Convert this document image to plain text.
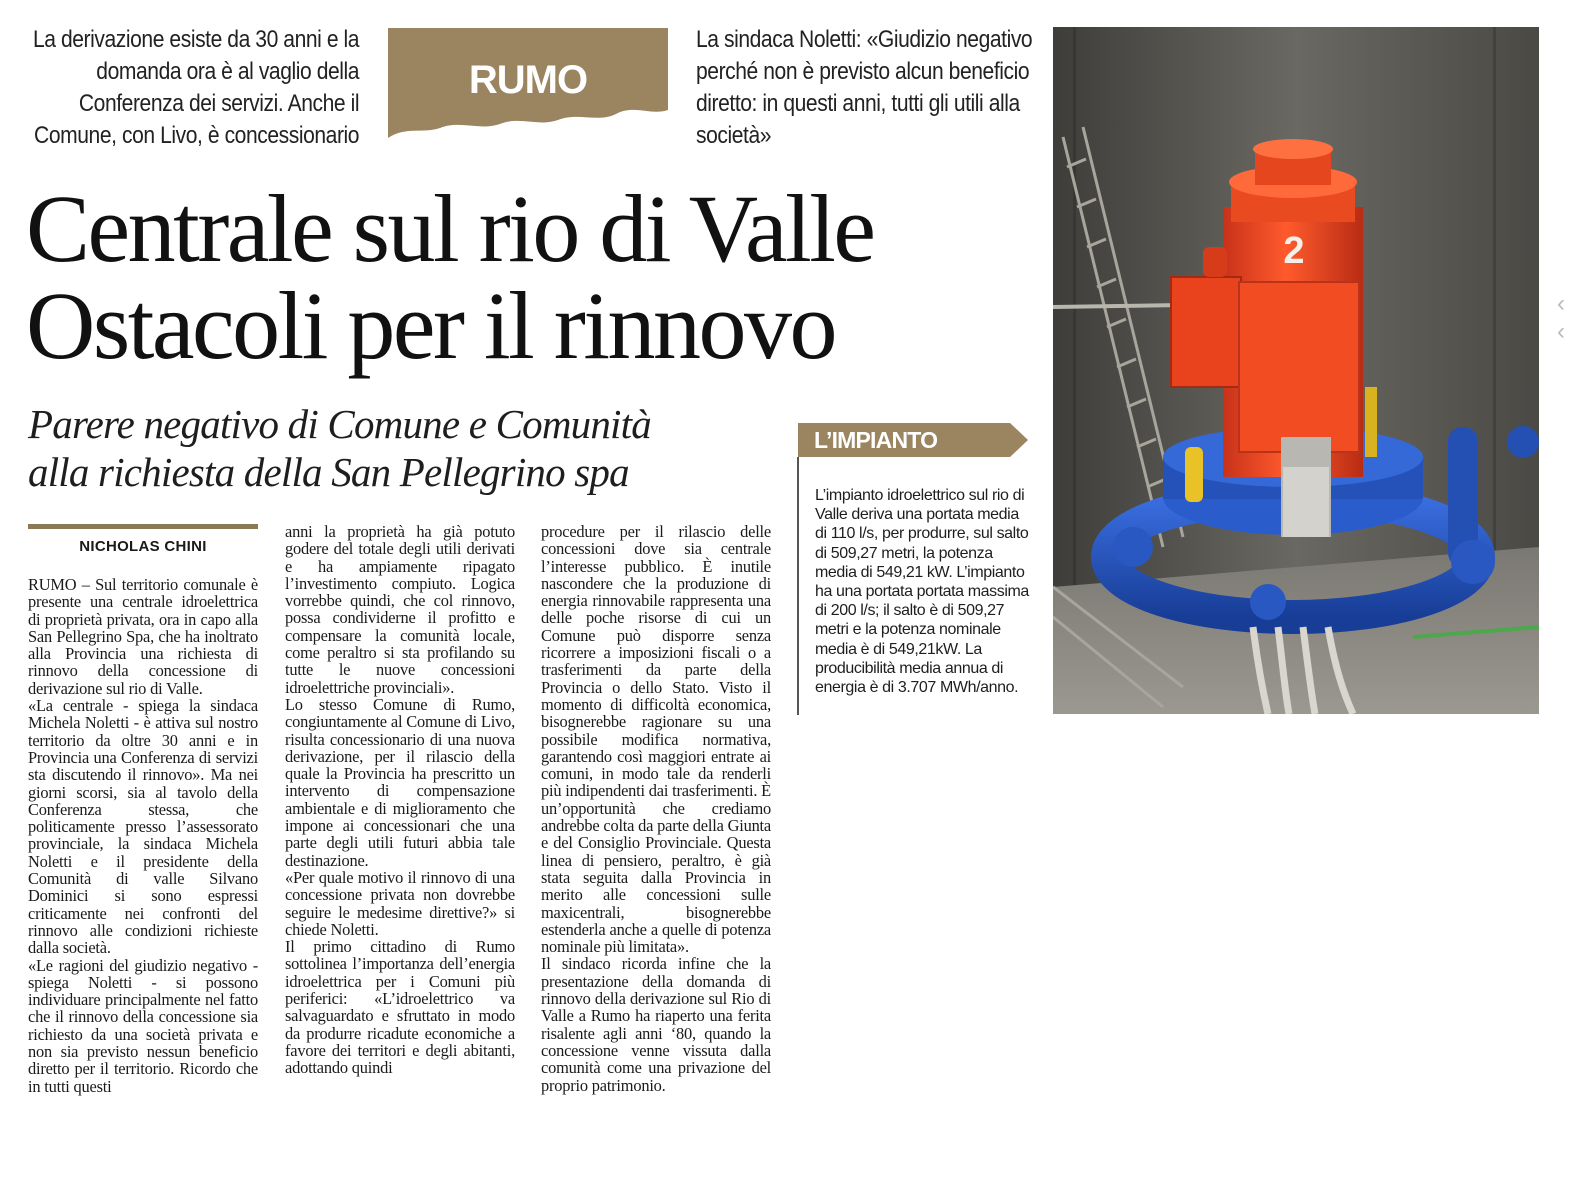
La derivazione esiste da 30 anni e la domanda ora è al vaglio della Conferenza dei servizi. Anche il Comune, con Livo, è concessionario
RUMO
La sindaca Noletti: «Giudizio negativo perché non è previsto alcun beneficio diretto: in questi anni, tutti gli utili alla società»
Centrale sul rio di Valle
Ostacoli per il rinnovo
Parere negativo di Comune e Comunità
alla richiesta della San Pellegrino spa
NICHOLAS CHINI

RUMO – Sul territorio comunale è presente una centrale idroelettrica di proprietà privata, ora in capo alla San Pellegrino Spa, che ha inoltrato alla Provincia una richiesta di rinnovo della concessione di derivazione sul rio di Valle.

«La centrale - spiega la sindaca Michela Noletti - è attiva sul nostro territorio da oltre 30 anni e in Provincia una Conferenza di servizi sta discutendo il rinnovo». Ma nei giorni scorsi, sia al tavolo della Conferenza stessa, che politicamente presso l’assessorato provinciale, la sindaca Michela Noletti e il presidente della Comunità di valle Silvano Dominici si sono espressi criticamente nei confronti del rinnovo alle condizioni richieste dalla società.

«Le ragioni del giudizio negativo - spiega Noletti - si possono individuare principalmente nel fatto che il rinnovo della concessione sia richiesto da una società privata e non sia previsto nessun beneficio diretto per il territorio. Ricordo che in tutti questi

anni la proprietà ha già potuto godere del totale degli utili derivati e ha ampiamente ripagato l’investimento compiuto. Logica vorrebbe quindi, che col rinnovo, possa condividerne il profitto e compensare la comunità locale, come peraltro si sta profilando su tutte le nuove concessioni idroelettriche provinciali».

Lo stesso Comune di Rumo, congiuntamente al Comune di Livo, risulta concessionario di una nuova derivazione, per il rilascio della quale la Provincia ha prescritto un intervento di compensazione ambientale e di miglioramento che impone ai concessionari che una parte degli utili futuri abbia tale destinazione.

«Per quale motivo il rinnovo di una concessione privata non dovrebbe seguire le medesime direttive?» si chiede Noletti.

Il primo cittadino di Rumo sottolinea l’importanza dell’energia idroelettrica per i Comuni più periferici: «L’idroelettrico va salvaguardato e sfruttato in modo da produrre ricadute economiche a favore dei territori e degli abitanti, adottando quindi

procedure per il rilascio delle concessioni dove sia centrale l’interesse pubblico. È inutile nascondere che la produzione di energia rinnovabile rappresenta una delle poche risorse di cui un Comune può disporre senza ricorrere a imposizioni fiscali o a trasferimenti da parte della Provincia o dello Stato. Visto il momento di difficoltà economica, bisognerebbe ragionare su una possibile modifica normativa, garantendo così maggiori entrate ai comuni, in modo tale da renderli più indipendenti dai trasferimenti. È un’opportunità che crediamo andrebbe colta da parte della Giunta e del Consiglio Provinciale. Questa linea di pensiero, peraltro, è già stata seguita dalla Provincia in merito alle concessioni sulle maxicentrali, bisognerebbe estenderla anche a quelle di potenza nominale più limitata».

Il sindaco ricorda infine che la presentazione della domanda di rinnovo della derivazione sul Rio di Valle a Rumo ha riaperto una ferita risalente agli anni ‘80, quando la concessione venne vissuta dalla comunità come una privazione del proprio patrimonio.

L’IMPIANTO
L’impianto idroelettrico sul rio di Valle deriva una portata media di 110 l/s, per produrre, sul salto di 509,27 metri, la potenza media di 549,21 kW. L’impianto ha una portata portata massima di 200 l/s; il salto è di 509,27 metri e la potenza nominale media è di 549,21kW. La producibilità media annua di energia è di 3.707 MWh/anno.
2
‹
‹
